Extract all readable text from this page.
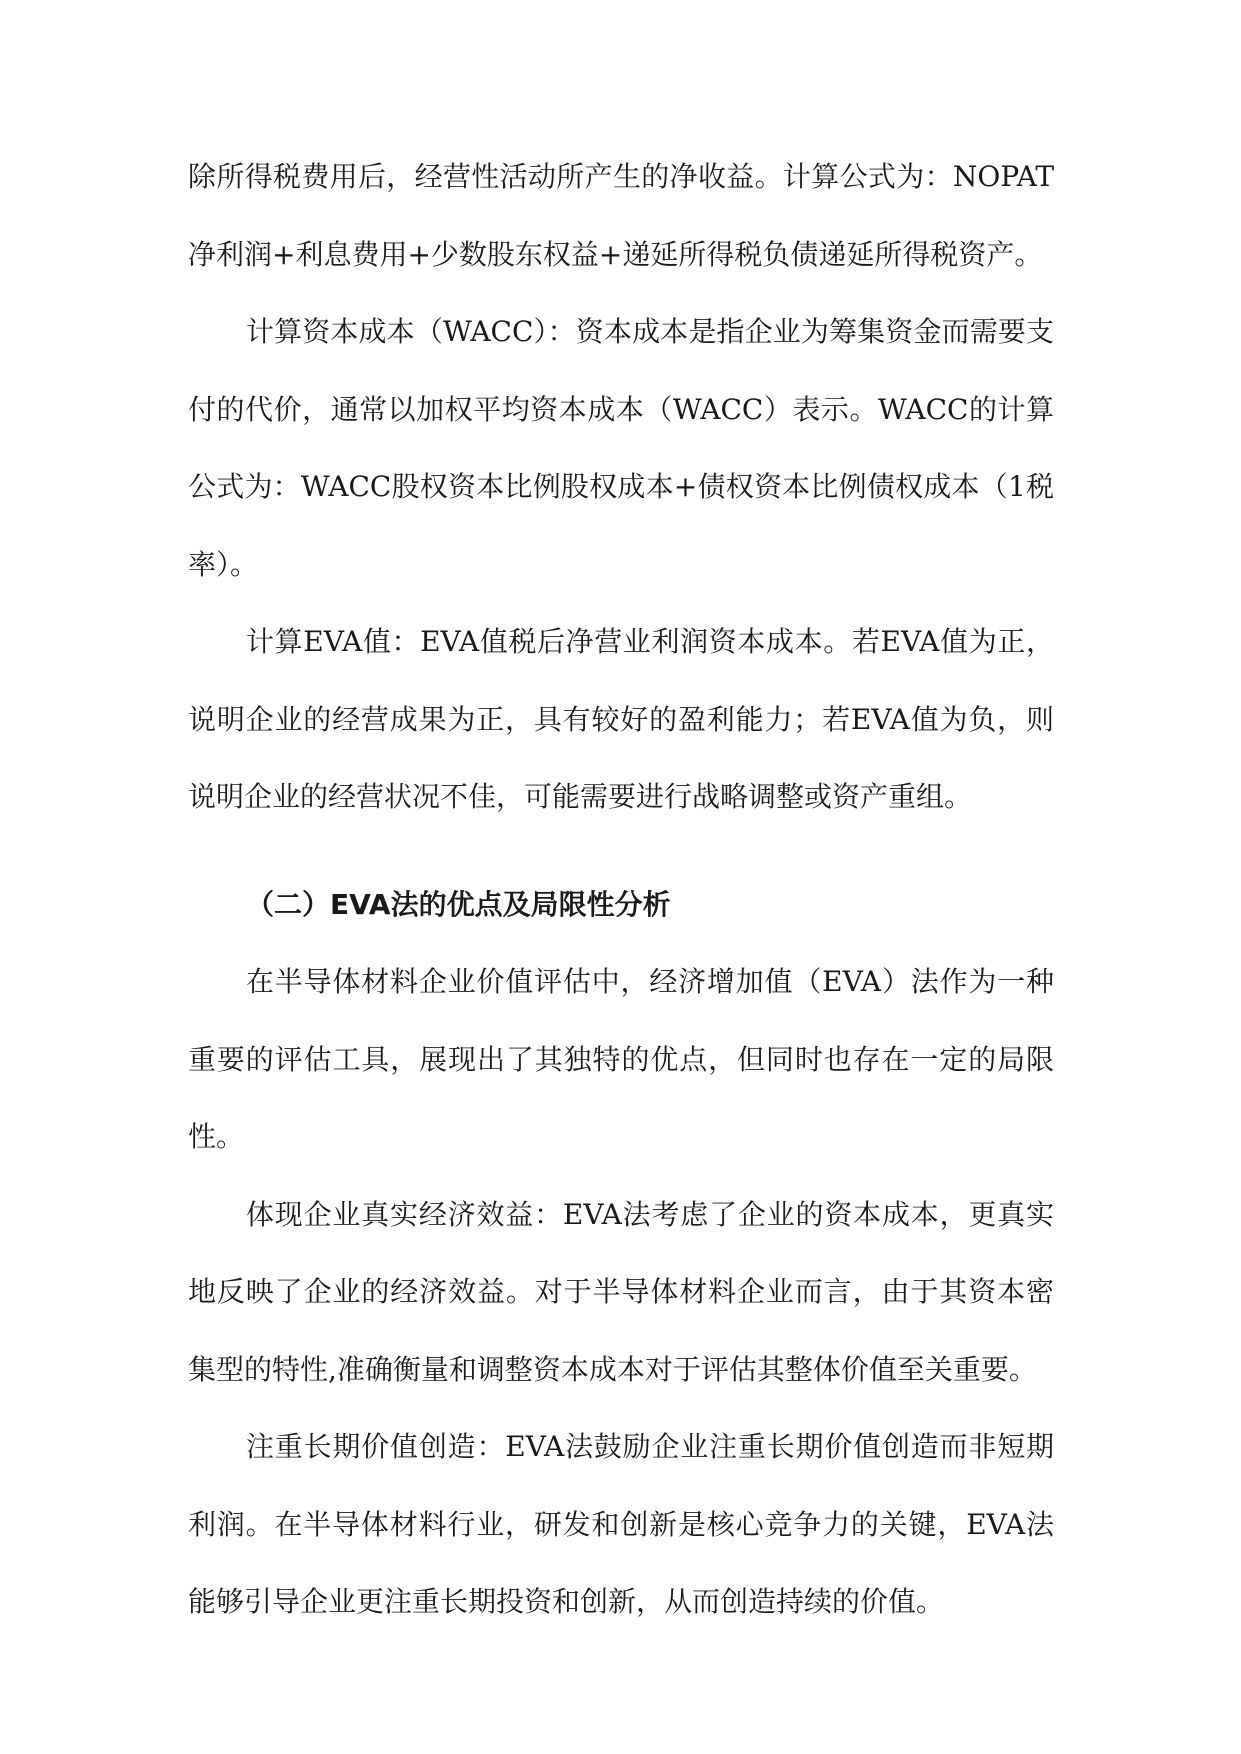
除所得税费用后，经营性活动所产生的净收益。计算公式为：NOPAT净利润+利息费用+少数股东权益+递延所得税负债递延所得税资产。

计算资本成本（WACC）：资本成本是指企业为筹集资金而需要支付的代价，通常以加权平均资本成本（WACC）表示。WACC的计算公式为：WACC股权资本比例股权成本+债权资本比例债权成本（1税率）。

计算EVA值：EVA值税后净营业利润资本成本。若EVA值为正，说明企业的经营成果为正，具有较好的盈利能力；若EVA值为负，则说明企业的经营状况不佳，可能需要进行战略调整或资产重组。

（二）EVA法的优点及局限性分析

在半导体材料企业价值评估中，经济增加值（EVA）法作为一种重要的评估工具，展现出了其独特的优点，但同时也存在一定的局限性。

体现企业真实经济效益：EVA法考虑了企业的资本成本，更真实地反映了企业的经济效益。对于半导体材料企业而言，由于其资本密集型的特性,准确衡量和调整资本成本对于评估其整体价值至关重要。

注重长期价值创造：EVA法鼓励企业注重长期价值创造而非短期利润。在半导体材料行业，研发和创新是核心竞争力的关键，EVA法能够引导企业更注重长期投资和创新，从而创造持续的价值。
